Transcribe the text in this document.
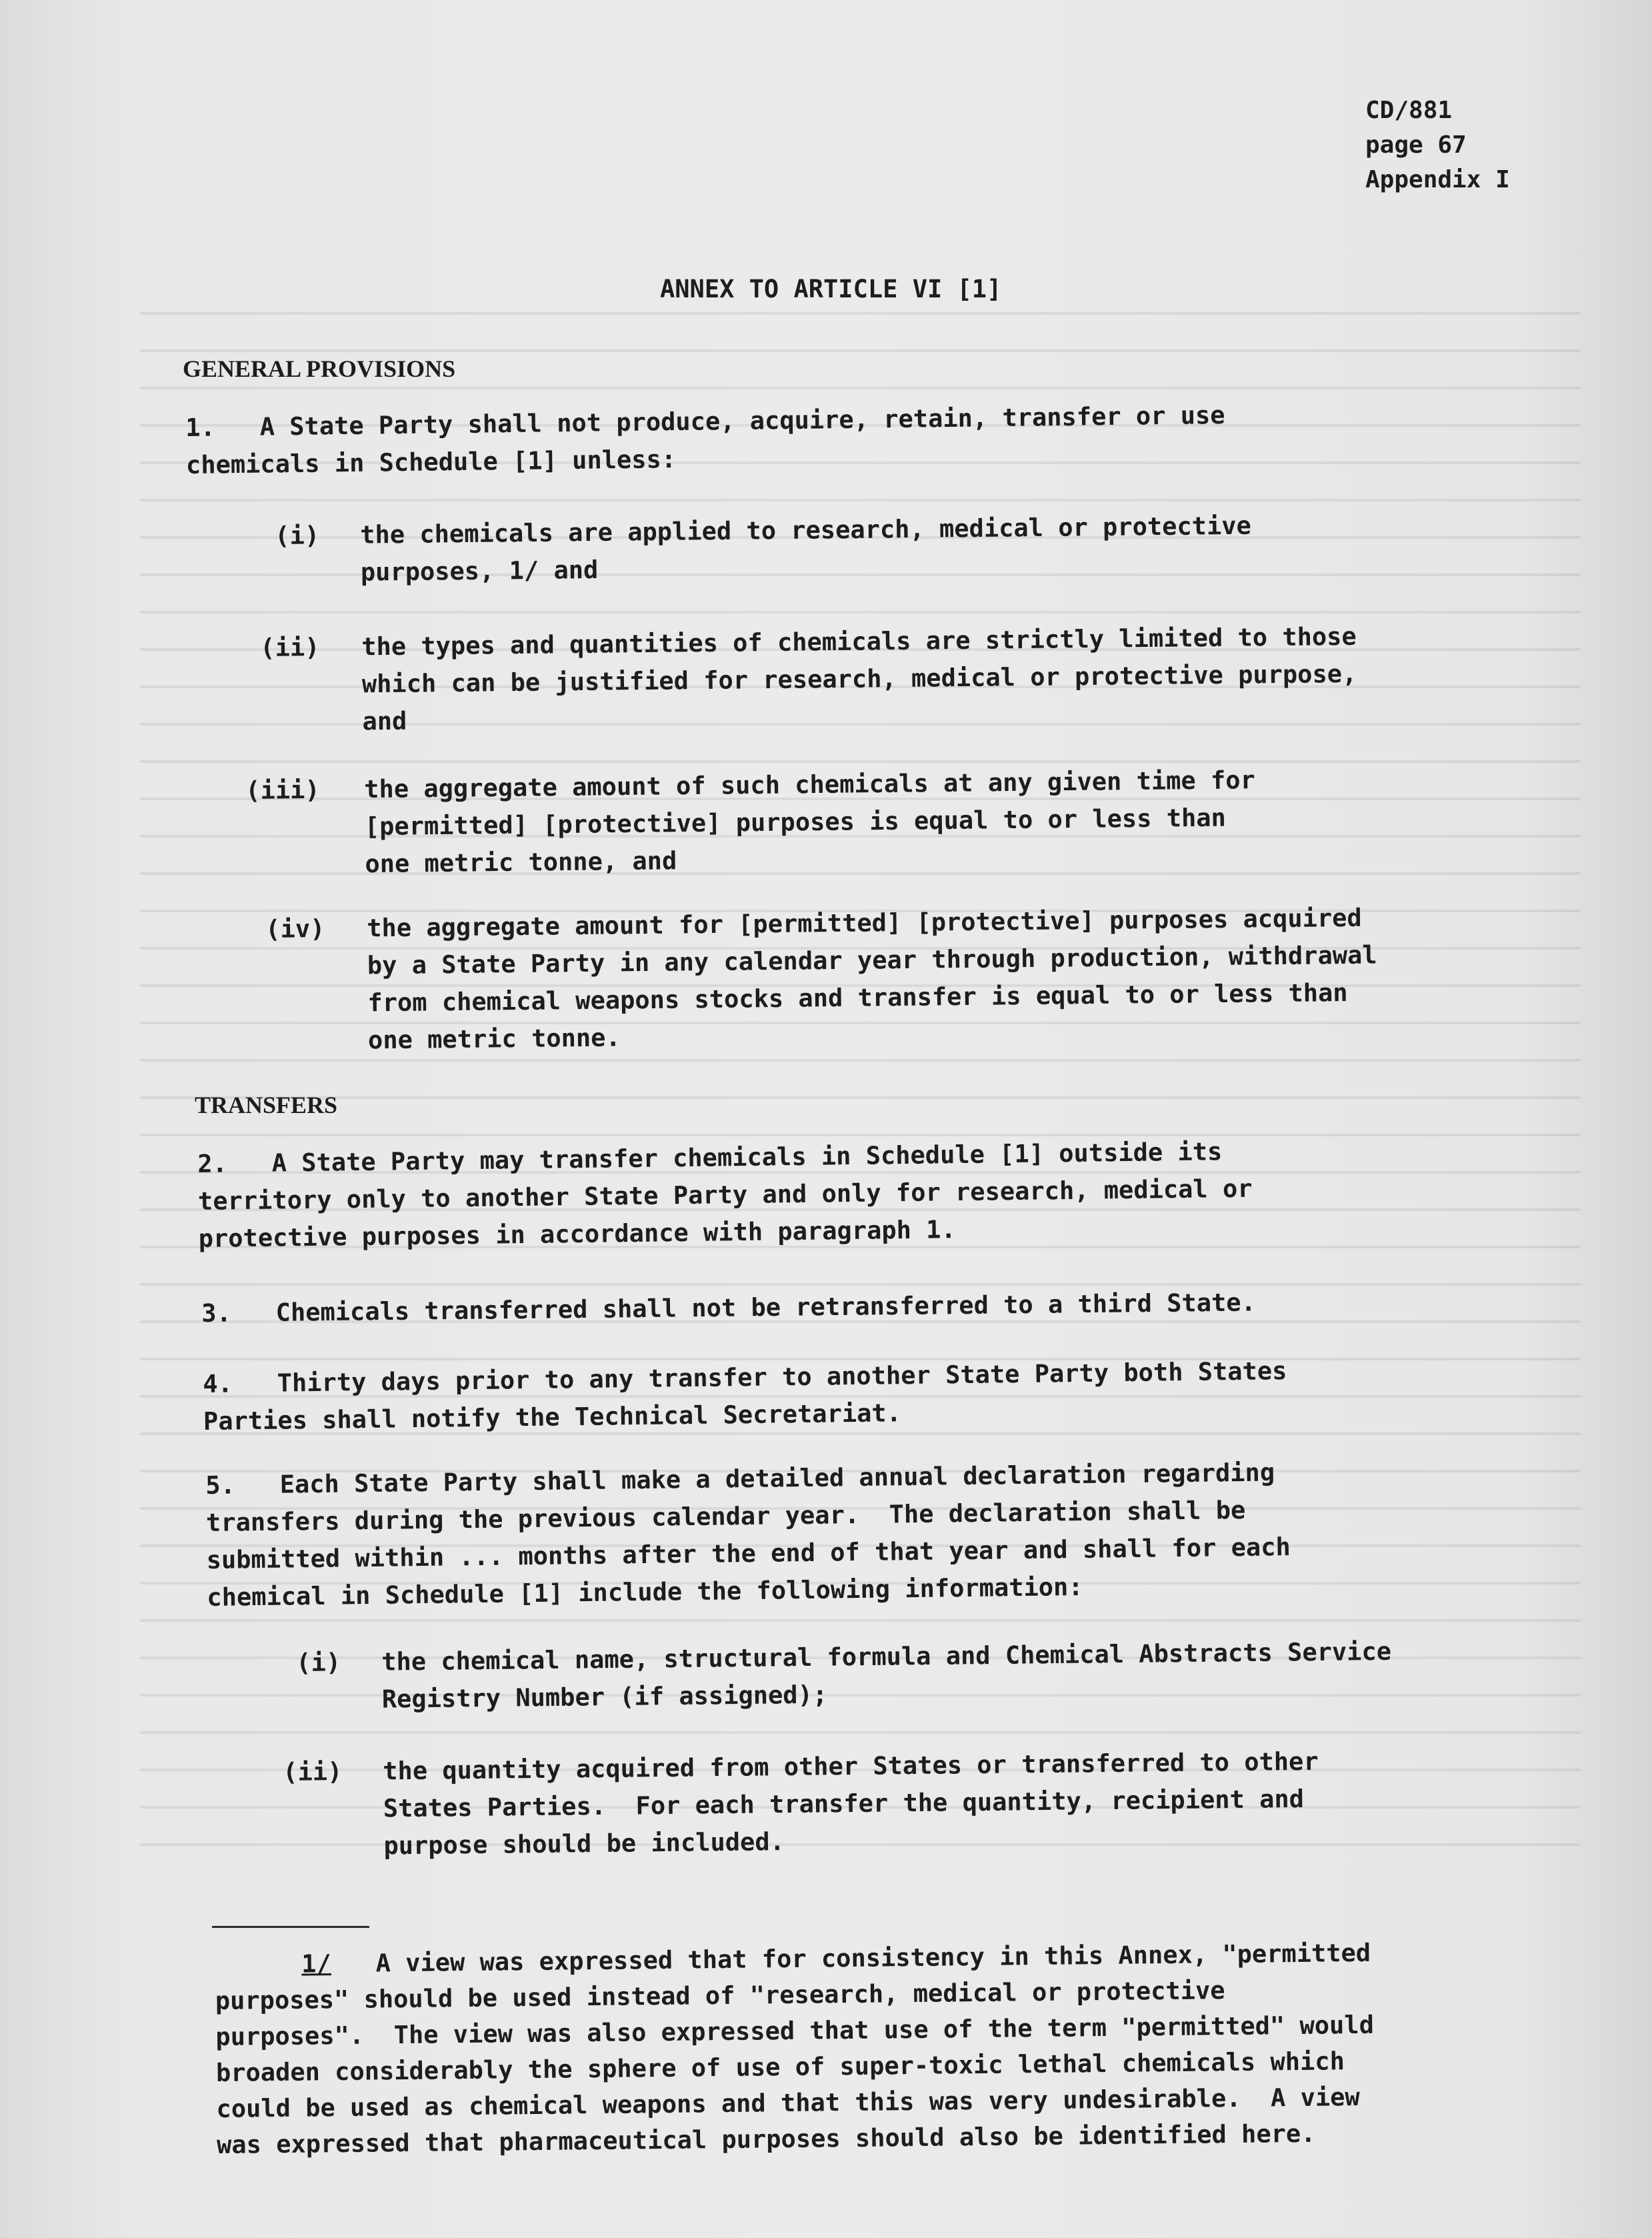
CD/881
page 67
Appendix I
ANNEX TO ARTICLE VI [1]
GENERAL PROVISIONS
1.   A State Party shall not produce, acquire, retain, transfer or use
chemicals in Schedule [1] unless:
(i) the chemicals are applied to research, medical or protective
purposes, 1/ and
(ii) the types and quantities of chemicals are strictly limited to those
which can be justified for research, medical or protective purpose,
and
(iii) the aggregate amount of such chemicals at any given time for
[permitted] [protective] purposes is equal to or less than
one metric tonne, and
(iv) the aggregate amount for [permitted] [protective] purposes acquired
by a State Party in any calendar year through production, withdrawal
from chemical weapons stocks and transfer is equal to or less than
one metric tonne.
TRANSFERS
2.   A State Party may transfer chemicals in Schedule [1] outside its
territory only to another State Party and only for research, medical or
protective purposes in accordance with paragraph 1.
3.   Chemicals transferred shall not be retransferred to a third State.
4.   Thirty days prior to any transfer to another State Party both States
Parties shall notify the Technical Secretariat.
5.   Each State Party shall make a detailed annual declaration regarding
transfers during the previous calendar year.  The declaration shall be
submitted within ... months after the end of that year and shall for each
chemical in Schedule [1] include the following information:
(i) the chemical name, structural formula and Chemical Abstracts Service
Registry Number (if assigned);
(ii) the quantity acquired from other States or transferred to other
States Parties.  For each transfer the quantity, recipient and
purpose should be included.
1/ A view was expressed that for consistency in this Annex, "permitted
purposes" should be used instead of "research, medical or protective
purposes".  The view was also expressed that use of the term "permitted" would
broaden considerably the sphere of use of super-toxic lethal chemicals which
could be used as chemical weapons and that this was very undesirable.  A view
was expressed that pharmaceutical purposes should also be identified here.
